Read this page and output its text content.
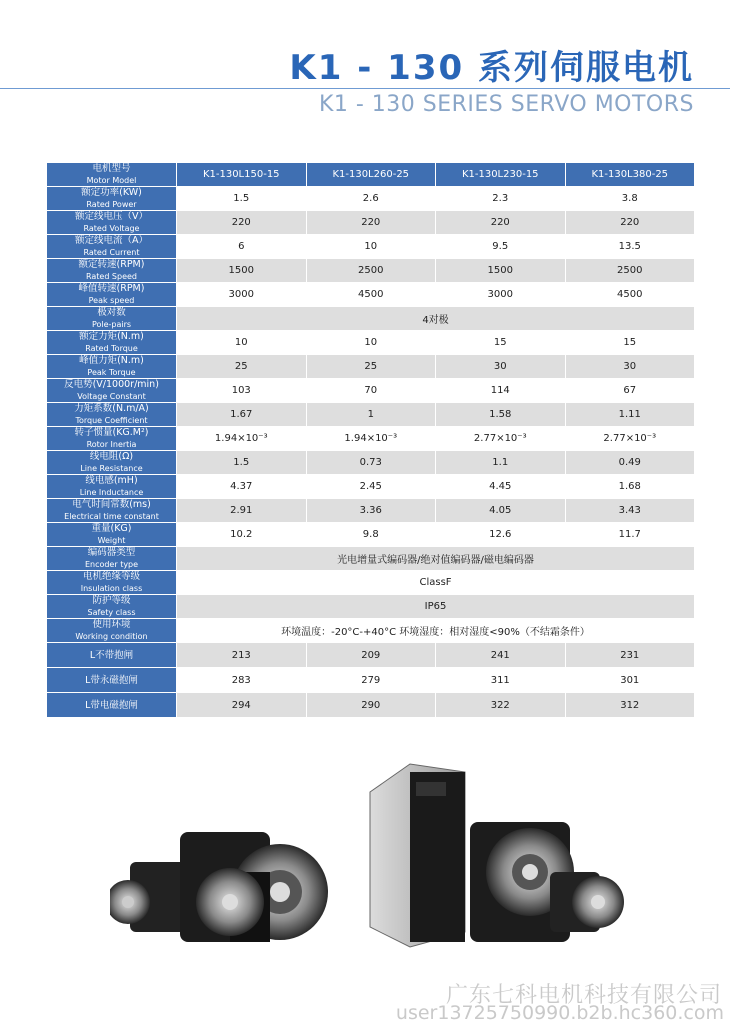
K1 - 130 系列伺服电机
K1 - 130 SERIES SERVO MOTORS
电机型号
Motor Model	K1-130L150-15	K1-130L260-25	K1-130L230-15	K1-130L380-25

额定功率(KW)
Rated Power	1.5	2.6	2.3	3.8

额定线电压（V）
Rated Voltage	220	220	220	220

额定线电流（A）
Rated Current	6	10	9.5	13.5

额定转速(RPM)
Rated Speed	1500	2500	1500	2500

峰值转速(RPM)
Peak speed	3000	4500	3000	4500

极对数
Pole-pairs	4对极			

额定力矩(N.m)
Rated Torque	10	10	15	15

峰值力矩(N.m)
Peak Torque	25	25	30	30

反电势(V/1000r/min)
Voltage Constant	103	70	114	67

力矩系数(N.m/A)
Torque Coefficient	1.67	1	1.58	1.11

转子惯量(KG.M²)
Rotor Inertia	1.94×10⁻³	1.94×10⁻³	2.77×10⁻³	2.77×10⁻³

线电阻(Ω)
Line Resistance	1.5	0.73	1.1	0.49

线电感(mH)
Line Inductance	4.37	2.45	4.45	1.68

电气时间常数(ms)
Electrical time constant	2.91	3.36	4.05	3.43

重量(KG)
Weight	10.2	9.8	12.6	11.7

编码器类型
Encoder type	光电增量式编码器/绝对值编码器/磁电编码器			

电机绝缘等级
Insulation class	ClassF			

防护等级
Safety class	IP65			

使用环境
Working condition	环境温度：-20°C-+40°C 环境湿度：相对湿度<90%（不结霜条件）			

L不带抱闸	213	209	241	231

L带永磁抱闸	283	279	311	301

L带电磁抱闸	294	290	322	312
广东七科电机科技有限公司
user13725750990.b2b.hc360.com
